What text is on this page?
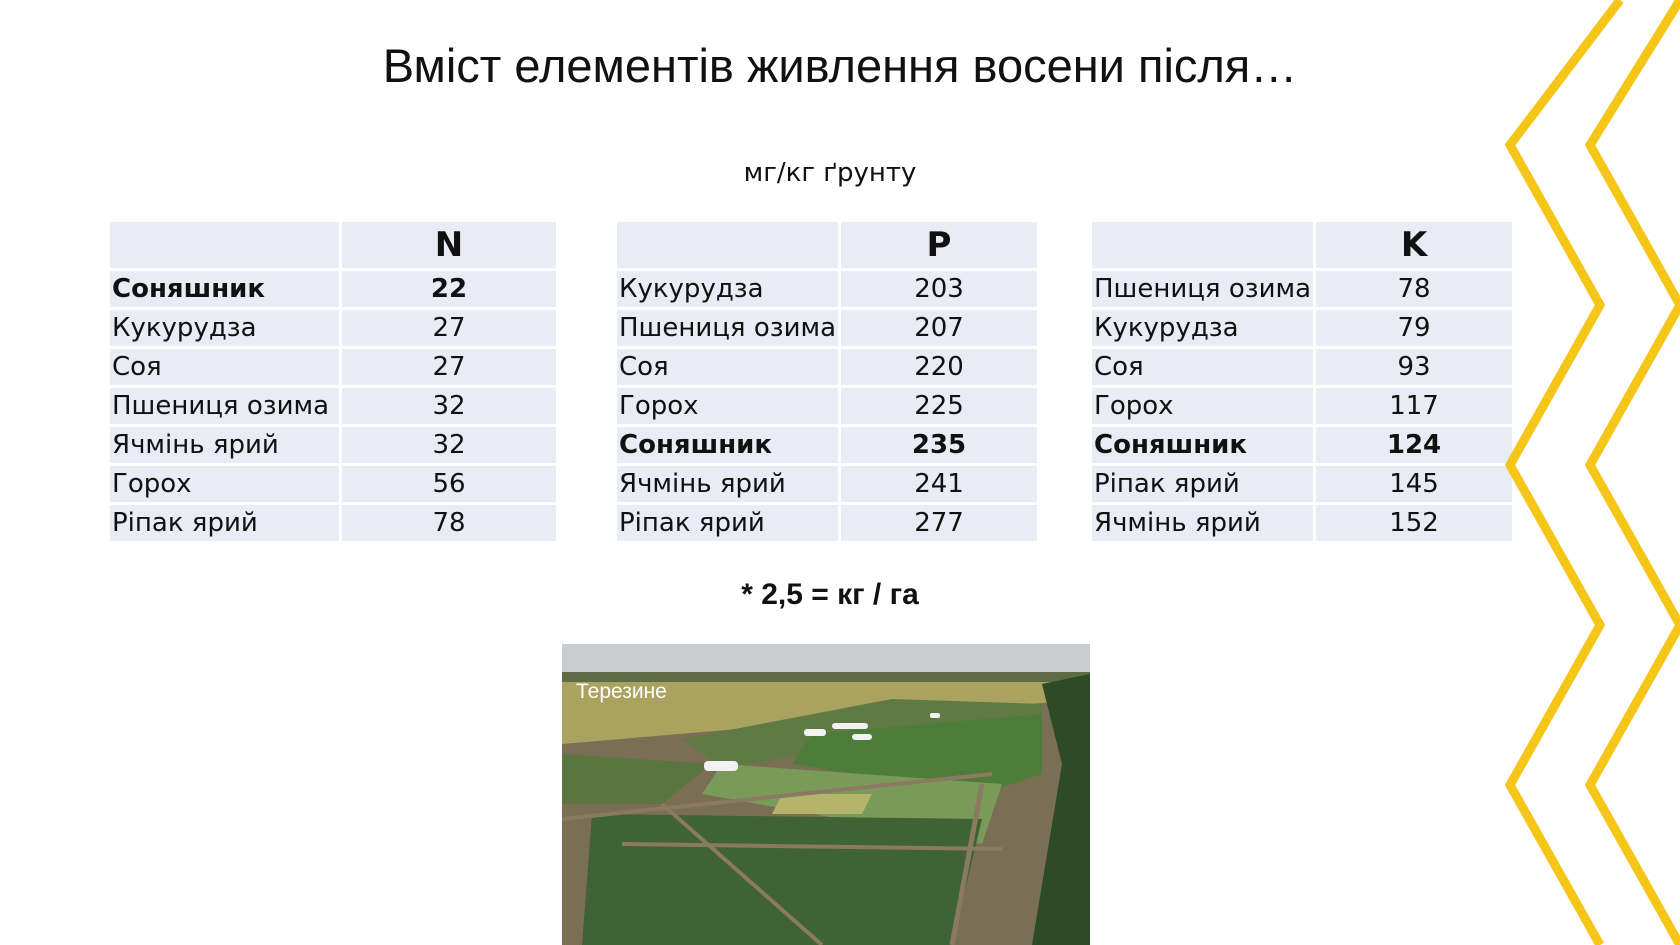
Вміст елементів живлення восени після…
мг/кг ґрунту
	N
Соняшник	22
Кукурудза	27
Соя	27
Пшениця озима	32
Ячмінь ярий	32
Горох	56
Ріпак ярий	78
	P
Кукурудза	203
Пшениця озима	207
Соя	220
Горох	225
Соняшник	235
Ячмінь ярий	241
Ріпак ярий	277
	K
Пшениця озима	78
Кукурудза	79
Соя	93
Горох	117
Соняшник	124
Ріпак ярий	145
Ячмінь ярий	152
* 2,5 = кг / га
Терезине
